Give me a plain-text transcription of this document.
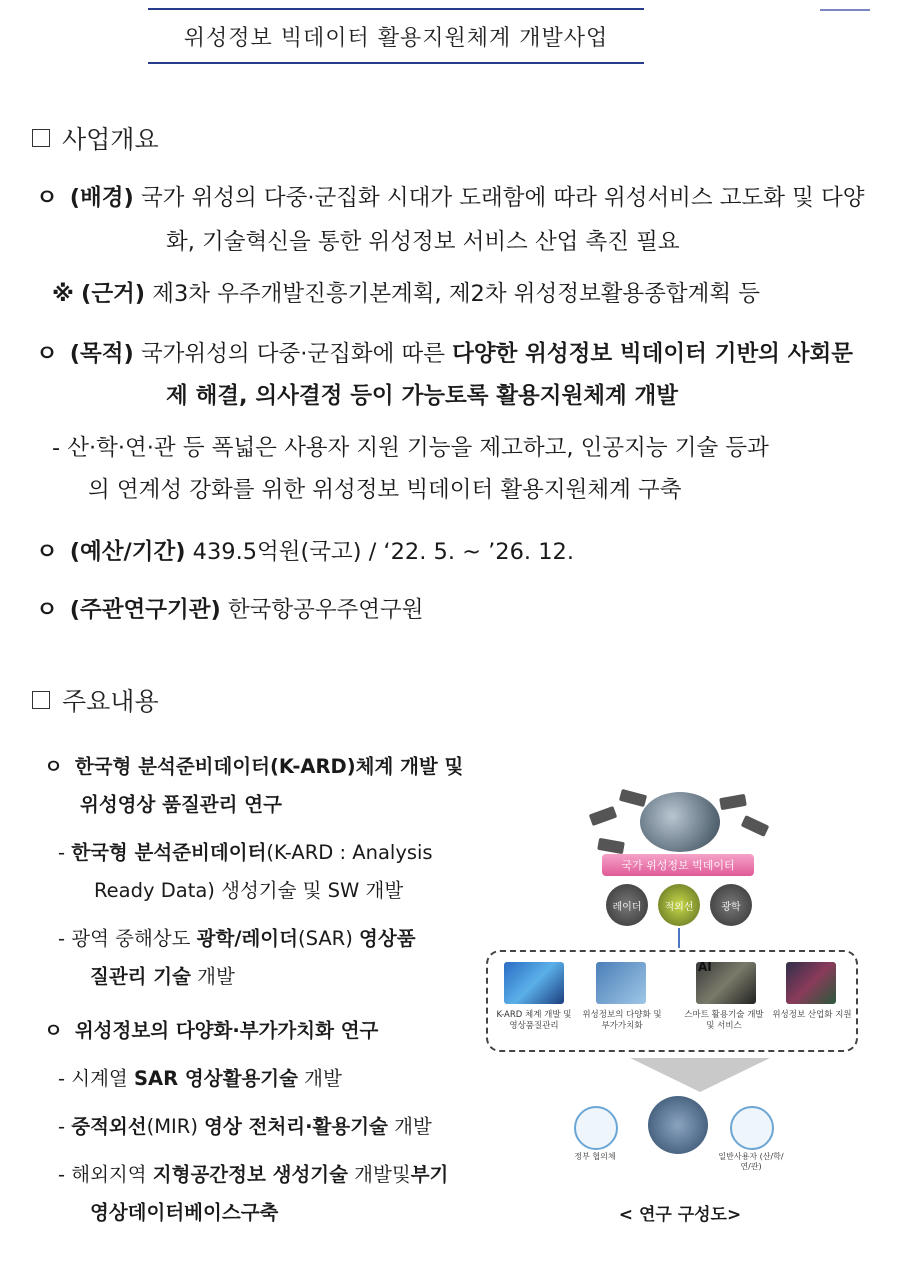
위성정보 빅데이터 활용지원체계 개발사업
사업개요
ㅇ (배경) 국가 위성의 다중·군집화 시대가 도래함에 따라 위성서비스 고도화 및 다양
화, 기술혁신을 통한 위성정보 서비스 산업 촉진 필요
※ (근거) 제3차 우주개발진흥기본계획, 제2차 위성정보활용종합계획 등
ㅇ (목적) 국가위성의 다중·군집화에 따른 다양한 위성정보 빅데이터 기반의 사회문
제 해결, 의사결정 등이 가능토록 활용지원체계 개발
- 산·학·연·관 등 폭넓은 사용자 지원 기능을 제고하고, 인공지능 기술 등과
의 연계성 강화를 위한 위성정보 빅데이터 활용지원체계 구축
ㅇ (예산/기간) 439.5억원(국고) / ‘22. 5. ~ ’26. 12.
ㅇ (주관연구기관) 한국항공우주연구원
주요내용
ㅇ 한국형 분석준비데이터(K-ARD)체계 개발 및
위성영상 품질관리 연구
- 한국형 분석준비데이터(K-ARD : Analysis
Ready Data) 생성기술 및 SW 개발
- 광역 중해상도 광학/레이더(SAR) 영상품
질관리 기술 개발
ㅇ 위성정보의 다양화·부가가치화 연구
- 시계열 SAR 영상활용기술 개발
- 중적외선(MIR) 영상 전처리·활용기술 개발
- 해외지역 지형공간정보 생성기술 개발및부기
영상데이터베이스구축
국가 위성정보 빅데이터
레이더 적외선	광학
AI
K-ARD 체계 개발 및 영상품질관리
위성정보의 다양화 및 부가가치화
스마트 활용기술 개발 및 서비스
위성정보 산업화 지원
정부 협의체	일반사용자 (산/학/연/관)
< 연구 구성도>
